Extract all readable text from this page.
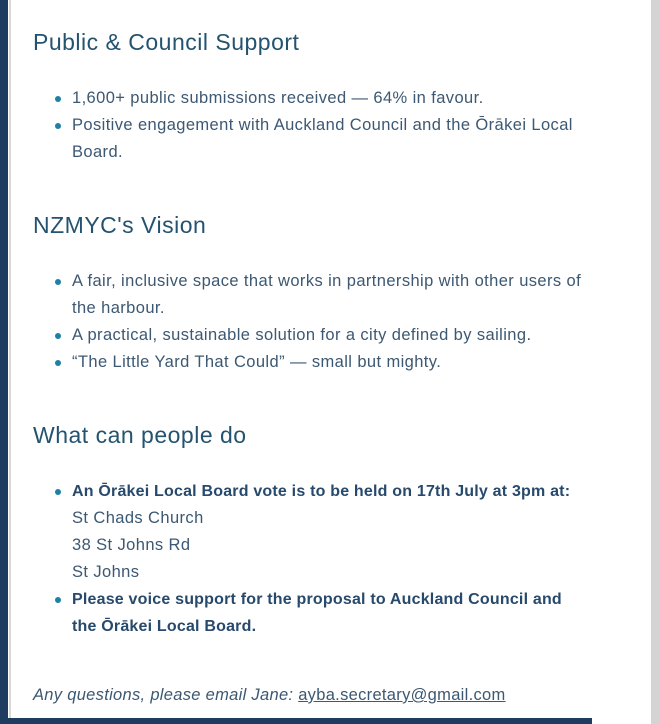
Public & Council Support
1,600+ public submissions received — 64% in favour.
Positive engagement with Auckland Council and the Ōrākei Local
Board.
NZMYC's Vision
A fair, inclusive space that works in partnership with other users of
the harbour.
A practical, sustainable solution for a city defined by sailing.
“The Little Yard That Could” — small but mighty.
What can people do
An Ōrākei Local Board vote is to be held on 17th July at 3pm at:
St Chads Church
38 St Johns Rd
St Johns
Please voice support for the proposal to Auckland Council and
the Ōrākei Local Board.

Any questions, please email Jane: ayba.secretary@gmail.com
